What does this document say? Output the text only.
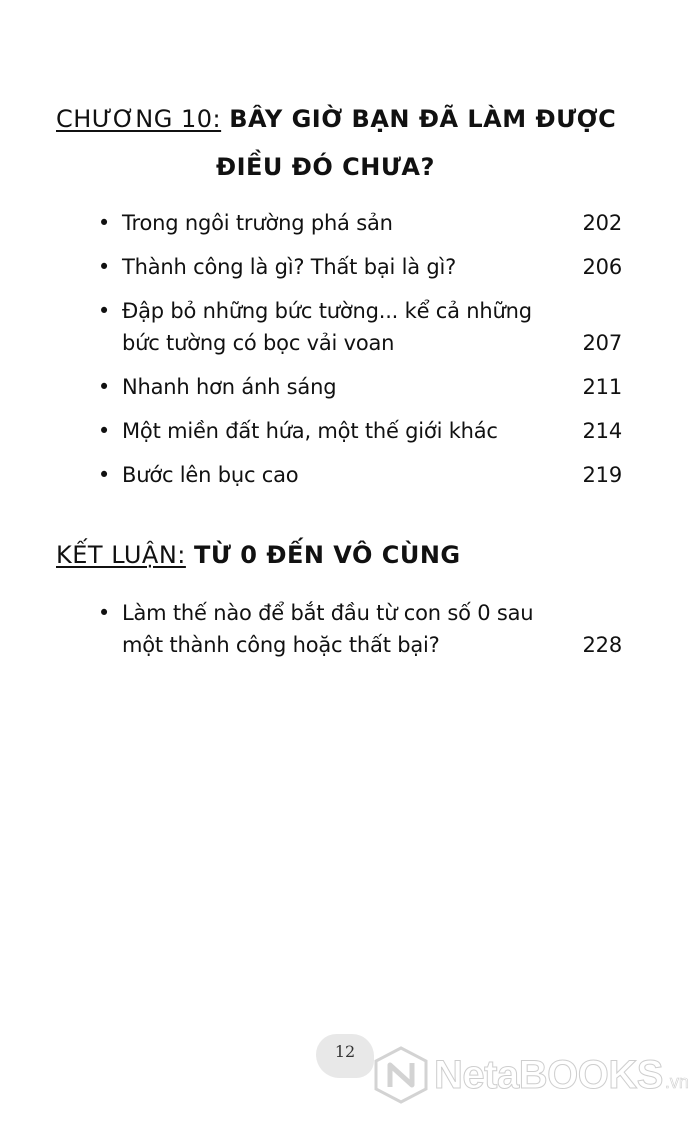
CHƯƠNG 10: BÂY GIỜ BẠN ĐÃ LÀM ĐƯỢC
ĐIỀU ĐÓ CHƯA?
• Trong ngôi trường phá sản	202
• Thành công là gì? Thất bại là gì?	206
• Đập bỏ những bức tường... kể cả những bức tường có bọc vải voan	207
• Nhanh hơn ánh sáng	211
• Một miền đất hứa, một thế giới khác	214
• Bước lên bục cao	219
KẾT LUẬN: TỪ 0 ĐẾN VÔ CÙNG
• Làm thế nào để bắt đầu từ con số 0 sau một thành công hoặc thất bại?	228
12
NetaBOOKS .vn
